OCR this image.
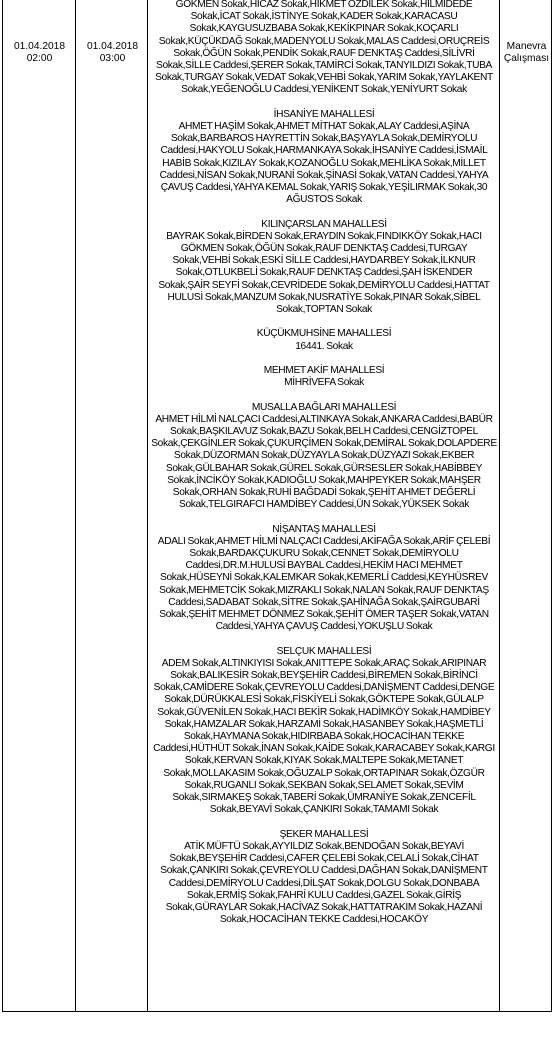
01.04.2018
02:00
01.04.2018
03:00
Manevra
Çalışması

GÖKMEN Sokak,HİCAZ Sokak,HİKMET ÖZDİLEK Sokak,HİLMİDEDE Sokak,İCAT Sokak,İSTİNYE Sokak,KADER Sokak,KARACASU Sokak,KAYGUSUZBABA Sokak,KEKİKPINAR Sokak,KOÇARLI Sokak,KÜÇÜKDAĞ Sokak,MADENYOLU Sokak,MALAS Caddesi,ORUÇREİS Sokak,ÖĞÜN Sokak,PENDİK Sokak,RAUF DENKTAŞ Caddesi,SİLİVRİ Sokak,SİLLE Caddesi,ŞERER Sokak,TAMİRCİ Sokak,TANYILDIZI Sokak,TUBA Sokak,TURGAY Sokak,VEDAT Sokak,VEHBİ Sokak,YARIM Sokak,YAYLAKENT Sokak,YEĞENOĞLU Caddesi,YENİKENT Sokak,YENİYURT Sokak

İHSANİYE MAHALLESİ

AHMET HAŞİM Sokak,AHMET MİTHAT Sokak,ALAY Caddesi,AŞİNA Sokak,BARBAROS HAYRETTİN Sokak,BAŞYAYLA Sokak,DEMİRYOLU Caddesi,HAKYOLU Sokak,HARMANKAYA Sokak,İHSANİYE Caddesi,İSMAİL HABİB Sokak,KIZILAY Sokak,KOZANOĞLU Sokak,MEHLİKA Sokak,MİLLET Caddesi,NİSAN Sokak,NURANİ Sokak,ŞİNASİ Sokak,VATAN Caddesi,YAHYA ÇAVUŞ Caddesi,YAHYA KEMAL Sokak,YARIŞ Sokak,YEŞİLIRMAK Sokak,30 AĞUSTOS Sokak

KILINÇARSLAN MAHALLESİ

BAYRAK Sokak,BİRDEN Sokak,ERAYDIN Sokak,FINDIKKÖY Sokak,HACI GÖKMEN Sokak,ÖĞÜN Sokak,RAUF DENKTAŞ Caddesi,TURGAY Sokak,VEHBİ Sokak,ESKİ SİLLE Caddesi,HAYDARBEY Sokak,İLKNUR Sokak,OTLUKBELİ Sokak,RAUF DENKTAŞ Caddesi,ŞAH İSKENDER Sokak,ŞAİR SEYFİ Sokak,CEVRİDEDE Sokak,DEMİRYOLU Caddesi,HATTAT HULUSİ Sokak,MANZUM Sokak,NUSRATİYE Sokak,PINAR Sokak,SİBEL Sokak,TOPTAN Sokak

KÜÇÜKMUHSİNE MAHALLESİ

16441. Sokak

MEHMET AKİF MAHALLESİ

MİHRİVEFA Sokak

MUSALLA BAĞLARI MAHALLESİ

AHMET HİLMİ NALÇACI Caddesi,ALTINKAYA Sokak,ANKARA Caddesi,BABÜR Sokak,BAŞKILAVUZ Sokak,BAZU Sokak,BELH Caddesi,CENGİZTOPEL Sokak,ÇEKGİNLER Sokak,ÇUKURÇİMEN Sokak,DEMİRAL Sokak,DOLAPDERE Sokak,DÜZORMAN Sokak,DÜZYAYLA Sokak,DÜZYAZI Sokak,EKBER Sokak,GÜLBAHAR Sokak,GÜREL Sokak,GÜRSESLER Sokak,HABİBBEY Sokak,İNCİKÖY Sokak,KADIOĞLU Sokak,MAHPEYKER Sokak,MAHŞER Sokak,ORHAN Sokak,RUHİ BAĞDADİ Sokak,ŞEHİT AHMET DEĞERLİ Sokak,TELGIRAFCI HAMDİBEY Caddesi,ÜN Sokak,YÜKSEK Sokak

NİŞANTAŞ MAHALLESİ

ADALI Sokak,AHMET HİLMİ NALÇACI Caddesi,AKİFAĞA Sokak,ARİF ÇELEBİ Sokak,BARDAKÇUKURU Sokak,CENNET Sokak,DEMİRYOLU Caddesi,DR.M.HULUSİ BAYBAL Caddesi,HEKİM HACI MEHMET Sokak,HÜSEYNİ Sokak,KALEMKAR Sokak,KEMERLİ Caddesi,KEYHÜSREV Sokak,MEHMETCİK Sokak,MIZRAKLI Sokak,NALAN Sokak,RAUF DENKTAŞ Caddesi,SADABAT Sokak,SİTRE Sokak,ŞAHİNAĞA Sokak,ŞAİRGUBARİ Sokak,ŞEHİT MEHMET DÖNMEZ Sokak,ŞEHİT ÖMER TAŞER Sokak,VATAN Caddesi,YAHYA ÇAVUŞ Caddesi,YOKUŞLU Sokak

SELÇUK MAHALLESİ

ADEM Sokak,ALTINKIYISI Sokak,ANITTEPE Sokak,ARAÇ Sokak,ARIPINAR Sokak,BALIKESİR Sokak,BEYŞEHİR Caddesi,BİREMEN Sokak,BİRİNCİ Sokak,CAMİDERE Sokak,ÇEVREYOLU Caddesi,DANİŞMENT Caddesi,DENGE Sokak,DÜRÜKKALESİ Sokak,FİSKİYELİ Sokak,GÖKTEPE Sokak,GÜLALP Sokak,GÜVENİLEN Sokak,HACI BEKİR Sokak,HADİMKÖY Sokak,HAMDİBEY Sokak,HAMZALAR Sokak,HARZAMİ Sokak,HASANBEY Sokak,HAŞMETLİ Sokak,HAYMANA Sokak,HIDIRBABA Sokak,HOCACİHAN TEKKE Caddesi,HÜTHÜT Sokak,İNAN Sokak,KAİDE Sokak,KARACABEY Sokak,KARGI Sokak,KERVAN Sokak,KIYAK Sokak,MALTEPE Sokak,METANET Sokak,MOLLAKASIM Sokak,OĞUZALP Sokak,ORTAPINAR Sokak,ÖZGÜR Sokak,RUGANLI Sokak,SEKBAN Sokak,SELAMET Sokak,SEVİM Sokak,SIRMAKEŞ Sokak,TABERİ Sokak,ÜMRANİYE Sokak,ZENCEFİL Sokak,BEYAVİ Sokak,ÇANKIRI Sokak,TAMAMI Sokak

ŞEKER MAHALLESİ

ATİK MÜFTÜ Sokak,AYYILDIZ Sokak,BENDOĞAN Sokak,BEYAVİ Sokak,BEYŞEHİR Caddesi,CAFER ÇELEBİ Sokak,CELALİ Sokak,CİHAT Sokak,ÇANKIRI Sokak,ÇEVREYOLU Caddesi,DAĞHAN Sokak,DANİŞMENT Caddesi,DEMİRYOLU Caddesi,DİLŞAT Sokak,DOLGU Sokak,DONBABA Sokak,ERMİŞ Sokak,FAHRİ KULU Caddesi,GAZEL Sokak,GİRİŞ Sokak,GÜRAYLAR Sokak,HACİVAZ Sokak,HATTATRAKIM Sokak,HAZANİ Sokak,HOCACİHAN TEKKE Caddesi,HOCAKÖY
